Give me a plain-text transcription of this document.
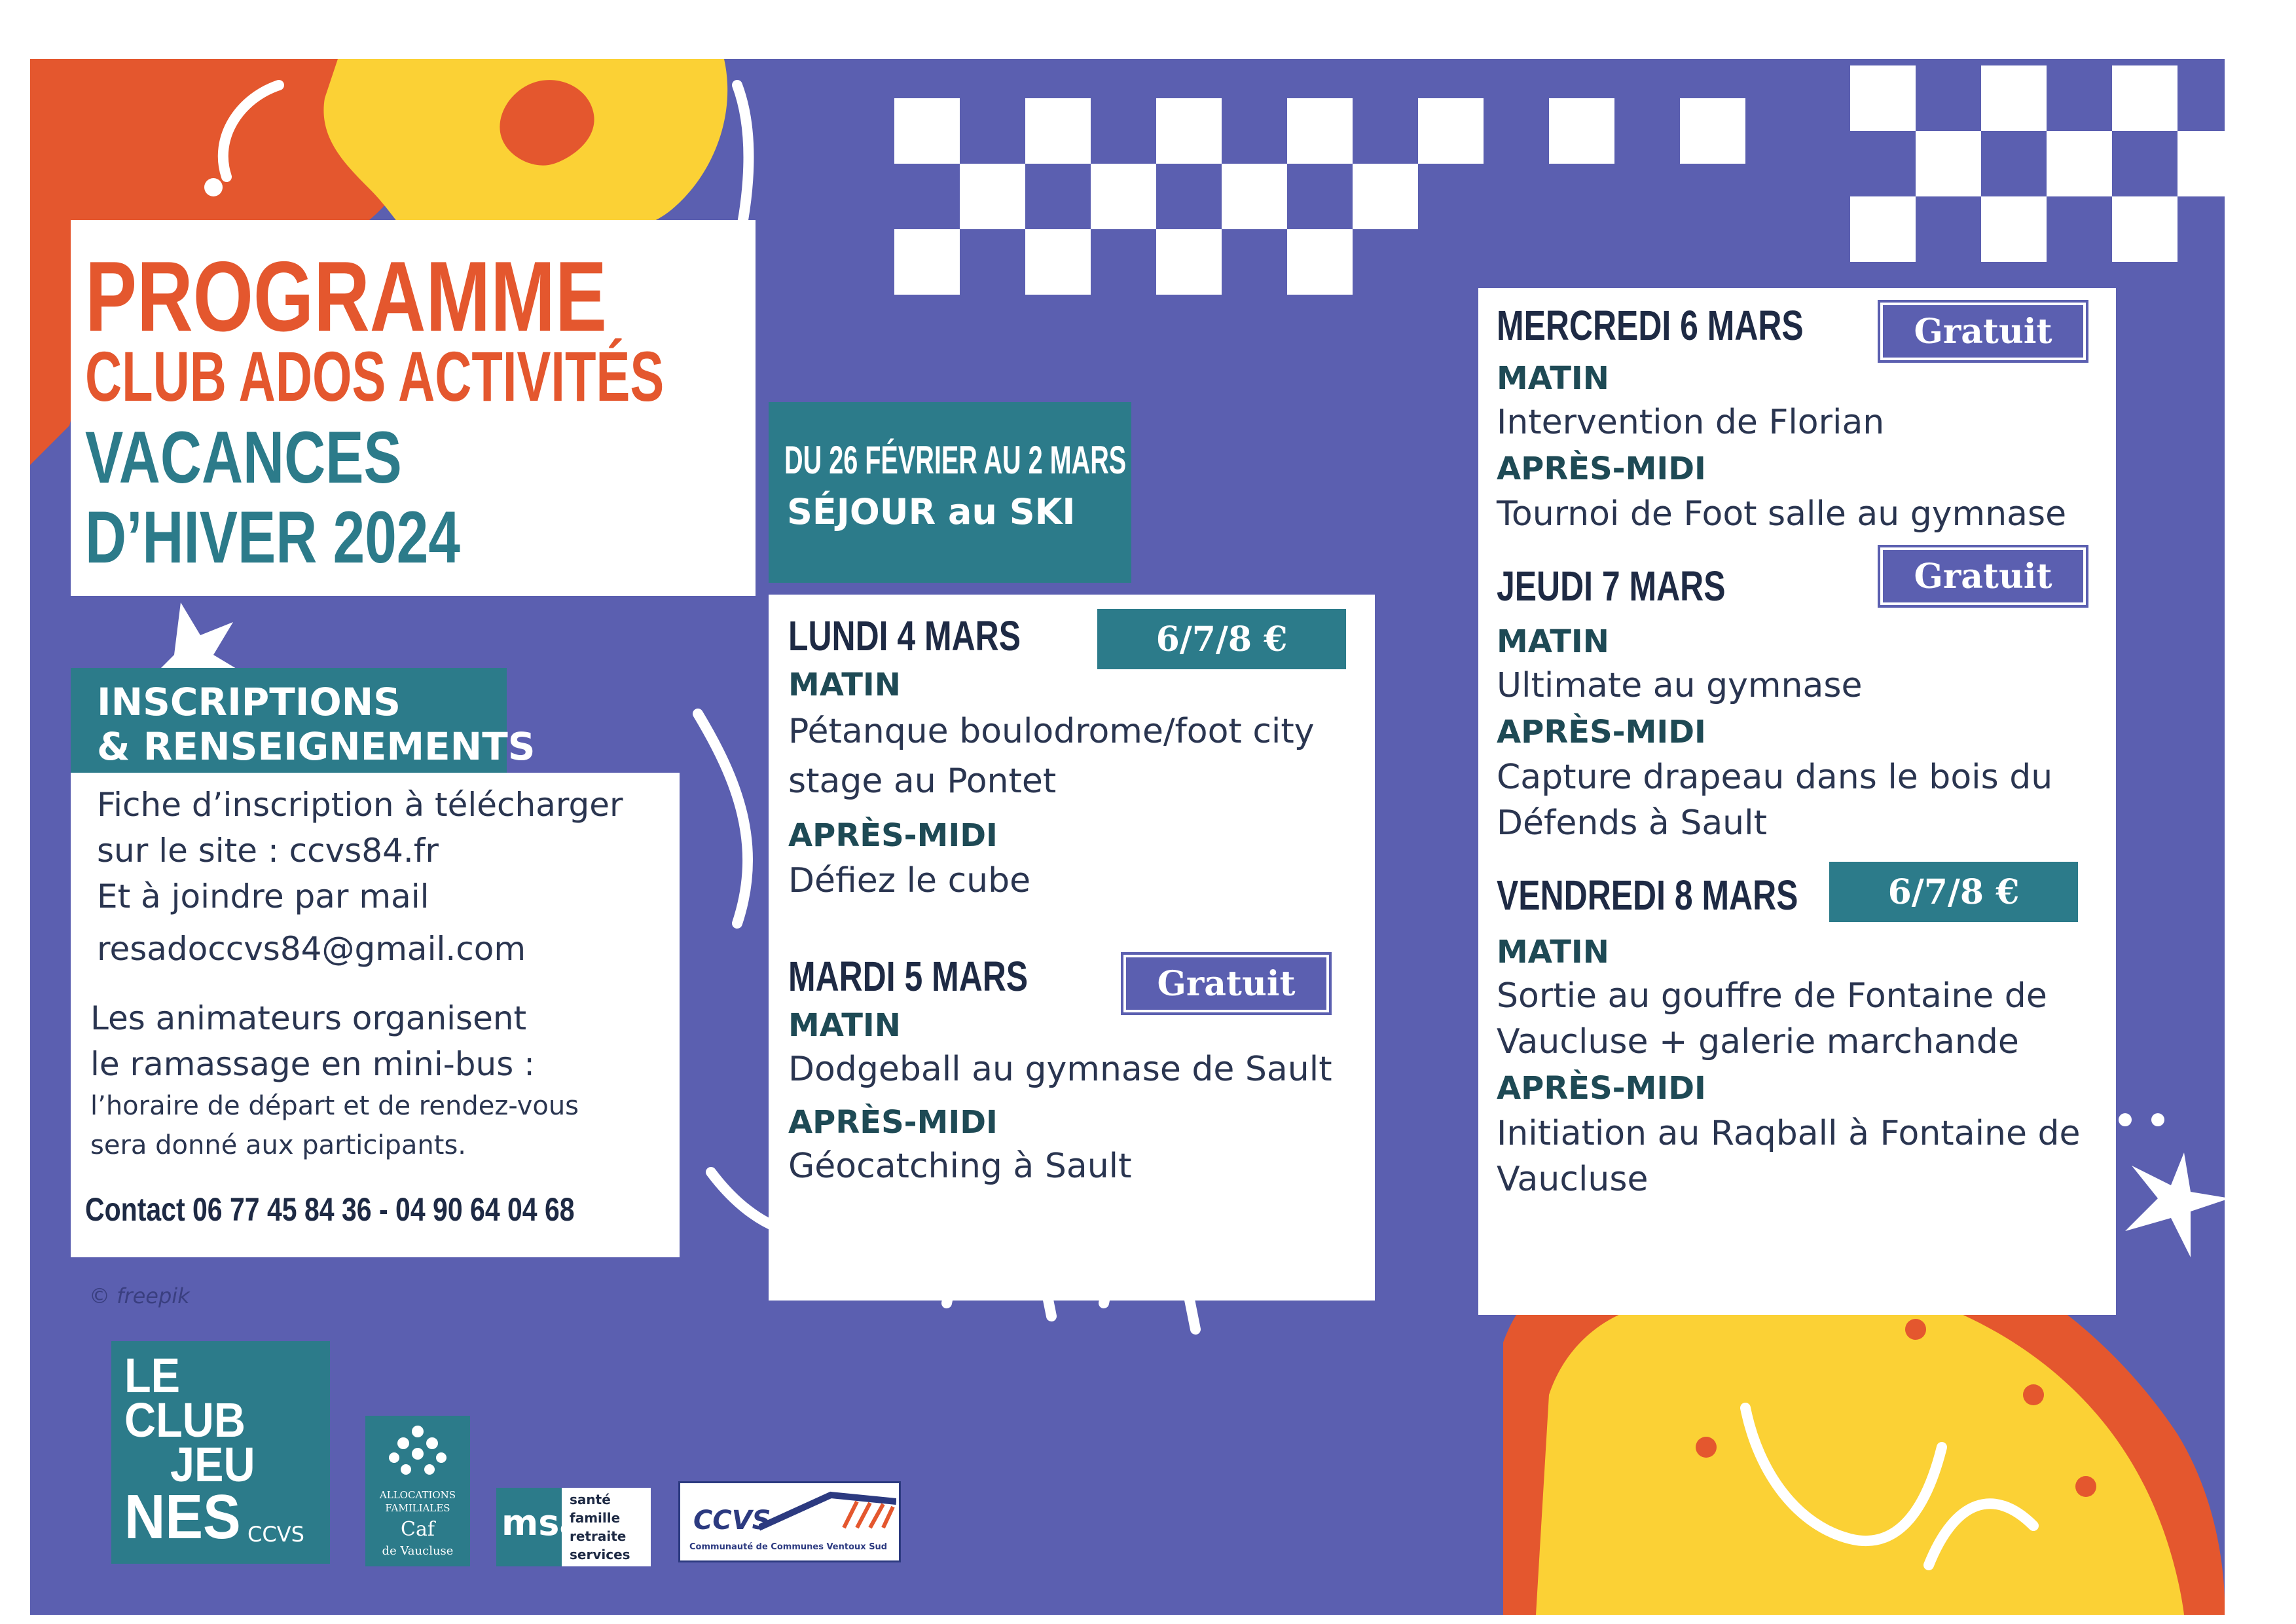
PROGRAMME
CLUB ADOS ACTIVITÉS
VACANCES
D’HIVER 2024
INSCRIPTIONS
& RENSEIGNEMENTS
Fiche d’inscription à télécharger
sur le site : ccvs84.fr
Et à joindre par mail
resadoccvs84@gmail.com
Les animateurs organisent
le ramassage en mini-bus :
l’horaire de départ et de rendez-vous
sera donné aux participants.
Contact 06 77 45 84 36 - 04 90 64 04 68
© freepik
DU 26 FÉVRIER AU 2 MARS
SÉJOUR au SKI
LUNDI 4 MARS	6/7/8 €
MATIN
Pétanque boulodrome/foot city
stage au Pontet
APRÈS-MIDI
Défiez le cube
MARDI 5 MARS	Gratuit
MATIN
Dodgeball au gymnase de Sault
APRÈS-MIDI
Géocatching à Sault
MERCREDI 6 MARS	Gratuit
MATIN
Intervention de Florian
APRÈS-MIDI
Tournoi de Foot salle au gymnase
JEUDI 7 MARS	Gratuit
MATIN
Ultimate au gymnase
APRÈS-MIDI
Capture drapeau dans le bois du
Défends à Sault
VENDREDI 8 MARS	6/7/8 €
MATIN
Sortie au gouffre de Fontaine de
Vaucluse + galerie marchande
APRÈS-MIDI
Initiation au Raqball à Fontaine de
Vaucluse
LE
CLUB
JEU
NES CCVS
ALLOCATIONS
FAMILIALES
Caf
de Vaucluse
msa
santé
famille
retraite
services
CCVS
Communauté de Communes Ventoux Sud
